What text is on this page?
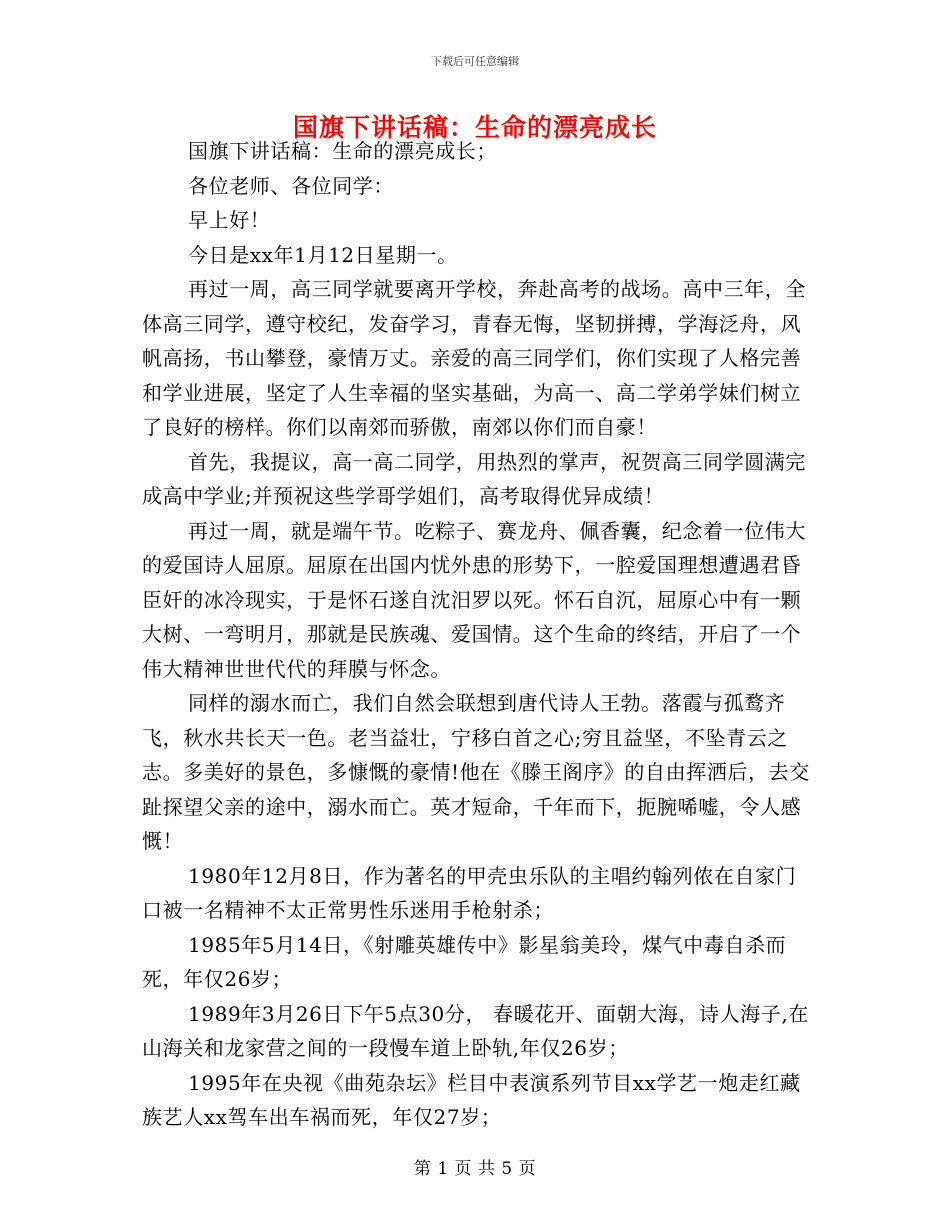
下载后可任意编辑
国旗下讲话稿：生命的漂亮成长

国旗下讲话稿：生命的漂亮成长；

各位老师、各位同学：

早上好！

今日是xx年1月12日星期一。

再过一周，高三同学就要离开学校，奔赴高考的战场。高中三年，全体高三同学，遵守校纪，发奋学习，青春无悔，坚韧拼搏，学海泛舟，风帆高扬，书山攀登，豪情万丈。亲爱的高三同学们，你们实现了人格完善和学业进展，坚定了人生幸福的坚实基础，为高一、高二学弟学妹们树立了良好的榜样。你们以南郊而骄傲，南郊以你们而自豪！

首先，我提议，高一高二同学，用热烈的掌声，祝贺高三同学圆满完成高中学业;并预祝这些学哥学姐们，高考取得优异成绩！

再过一周，就是端午节。吃粽子、赛龙舟、佩香囊，纪念着一位伟大的爱国诗人屈原。屈原在出国内忧外患的形势下，一腔爱国理想遭遇君昏臣奸的冰冷现实，于是怀石遂自沈汨罗以死。怀石自沉，屈原心中有一颗大树、一弯明月，那就是民族魂、爱国情。这个生命的终结，开启了一个伟大精神世世代代的拜膜与怀念。

同样的溺水而亡，我们自然会联想到唐代诗人王勃。落霞与孤鹜齐飞，秋水共长天一色。老当益壮，宁移白首之心;穷且益坚，不坠青云之志。多美好的景色，多慷慨的豪情!他在《滕王阁序》的自由挥洒后，去交趾探望父亲的途中，溺水而亡。英才短命，千年而下，扼腕唏嘘，令人感慨！

1980年12月8日，作为著名的甲壳虫乐队的主唱约翰列侬在自家门口被一名精神不太正常男性乐迷用手枪射杀；

1985年5月14日，《射雕英雄传中》影星翁美玲，煤气中毒自杀而死，年仅26岁；

1989年3月26日下午5点30分， 春暖花开、面朝大海，诗人海子,在山海关和龙家营之间的一段慢车道上卧轨,年仅26岁；

1995年在央视《曲苑杂坛》栏目中表演系列节目xx学艺一炮走红藏族艺人xx驾车出车祸而死，年仅27岁；

第 1 页 共 5 页
